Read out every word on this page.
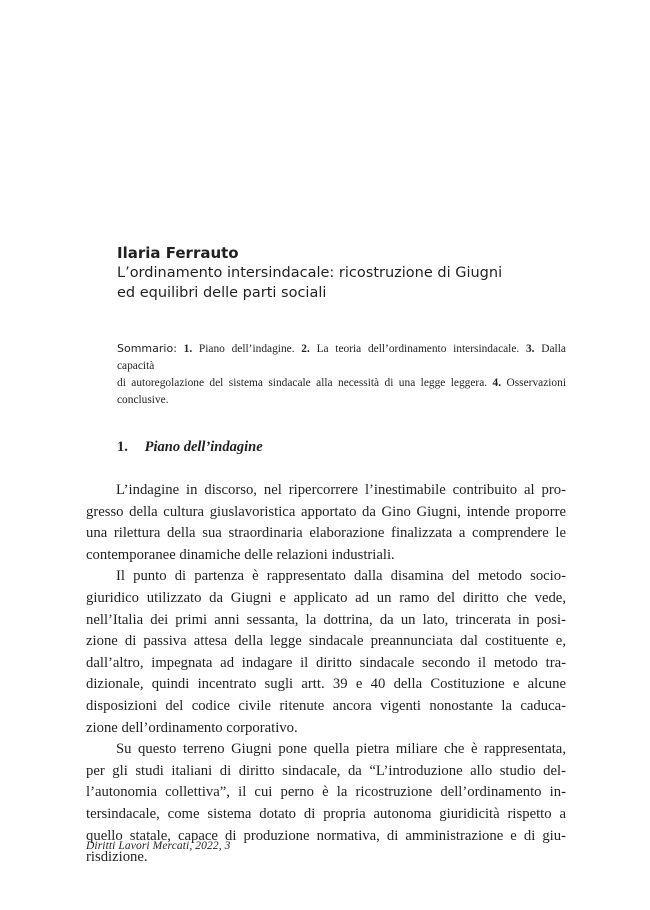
Ilaria Ferrauto

L’ordinamento intersindacale: ricostruzione di Giugni
ed equilibri delle parti sociali
Sommario: 1. Piano dell’indagine. 2. La teoria dell’ordinamento intersindacale. 3. Dalla capacità
di autoregolazione del sistema sindacale alla necessità di una legge leggera. 4. Osservazioni
conclusive.
1. Piano dell’indagine
L’indagine in discorso, nel ripercorrere l’inestimabile contribuito al pro-
gresso della cultura giuslavoristica apportato da Gino Giugni, intende proporre
una rilettura della sua straordinaria elaborazione finalizzata a comprendere le
contemporanee dinamiche delle relazioni industriali.
Il punto di partenza è rappresentato dalla disamina del metodo socio-
giuridico utilizzato da Giugni e applicato ad un ramo del diritto che vede,
nell’Italia dei primi anni sessanta, la dottrina, da un lato, trincerata in posi-
zione di passiva attesa della legge sindacale preannunciata dal costituente e,
dall’altro, impegnata ad indagare il diritto sindacale secondo il metodo tra-
dizionale, quindi incentrato sugli artt. 39 e 40 della Costituzione e alcune
disposizioni del codice civile ritenute ancora vigenti nonostante la caduca-
zione dell’ordinamento corporativo.
Su questo terreno Giugni pone quella pietra miliare che è rappresentata,
per gli studi italiani di diritto sindacale, da “L’introduzione allo studio del-
l’autonomia collettiva”, il cui perno è la ricostruzione dell’ordinamento in-
tersindacale, come sistema dotato di propria autonoma giuridicità rispetto a
quello statale, capace di produzione normativa, di amministrazione e di giu-
risdizione.

Diritti Lavori Mercati, 2022, 3
